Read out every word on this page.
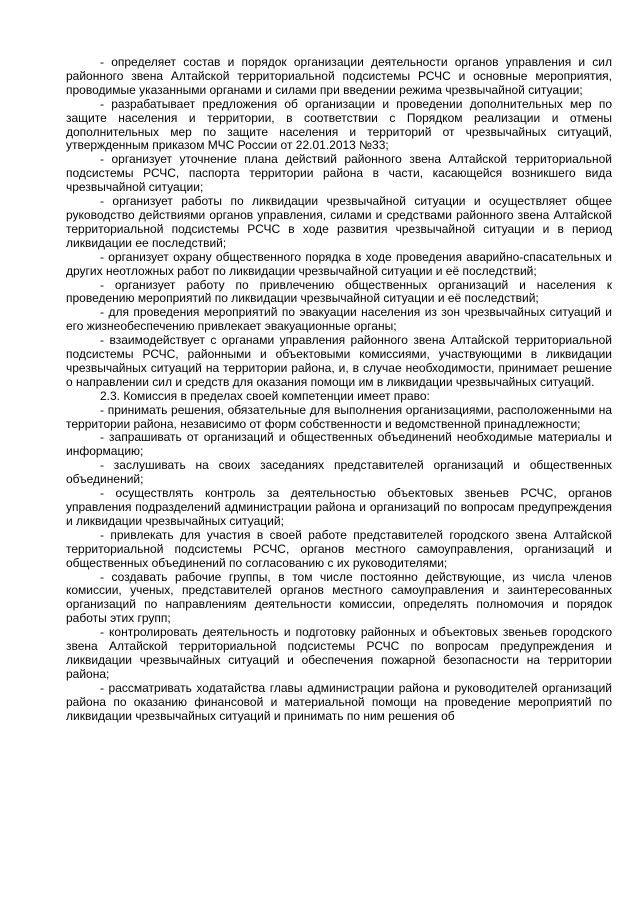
- определяет состав и порядок организации деятельности органов управления и сил районного звена Алтайской территориальной подсистемы РСЧС и основные мероприятия, проводимые указанными органами и силами при введении режима чрезвычайной ситуации;

- разрабатывает предложения об организации и проведении дополнительных мер по защите населения и территории, в соответствии с Порядком реализации и отмены дополнительных мер по защите населения и территорий от чрезвычайных ситуаций, утвержденным приказом МЧС России от 22.01.2013 №33;

- организует уточнение плана действий районного звена Алтайской территориальной подсистемы РСЧС, паспорта территории района в части, касающейся возникшего вида чрезвычайной ситуации;

- организует работы по ликвидации чрезвычайной ситуации и осуществляет общее руководство действиями органов управления, силами и средствами районного звена Алтайской территориальной подсистемы РСЧС в ходе развития чрезвычайной ситуации и в период ликвидации ее последствий;

- организует охрану общественного порядка в ходе проведения аварийно-спасательных и других неотложных работ по ликвидации чрезвычайной ситуации и её последствий;

- организует работу по привлечению общественных организаций и населения к проведению мероприятий по ликвидации чрезвычайной ситуации и её последствий;

- для проведения мероприятий по эвакуации населения из зон чрезвычайных ситуаций и его жизнеобеспечению привлекает эвакуационные органы;

- взаимодействует с органами управления районного звена Алтайской территориальной подсистемы РСЧС, районными и объектовыми комиссиями, участвующими в ликвидации чрезвычайных ситуаций на территории района, и, в случае необходимости, принимает решение о направлении сил и средств для оказания помощи им в ликвидации чрезвычайных ситуаций.

2.3. Комиссия в пределах своей компетенции имеет право:

- принимать решения, обязательные для выполнения организациями, расположенными на территории района, независимо от форм собственности и ведомственной принадлежности;

- запрашивать от организаций и общественных объединений необходимые материалы и информацию;

- заслушивать на своих заседаниях представителей организаций и общественных объединений;

- осуществлять контроль за деятельностью объектовых звеньев РСЧС, органов управления подразделений администрации района и организаций по вопросам предупреждения и ликвидации чрезвычайных ситуаций;

- привлекать для участия в своей работе представителей городского звена Алтайской территориальной подсистемы РСЧС, органов местного самоуправления, организаций и общественных объединений по согласованию с их руководителями;

- создавать рабочие группы, в том числе постоянно действующие, из числа членов комиссии, ученых, представителей органов местного самоуправления и заинтересованных организаций по направлениям деятельности комиссии, определять полномочия и порядок работы этих групп;

- контролировать деятельность и подготовку районных и объектовых звеньев городского звена Алтайской территориальной подсистемы РСЧС по вопросам предупреждения и ликвидации чрезвычайных ситуаций и обеспечения пожарной безопасности на территории района;

- рассматривать ходатайства главы администрации района и руководителей организаций района по оказанию финансовой и материальной помощи на проведение мероприятий по ликвидации чрезвычайных ситуаций и принимать по ним решения об
